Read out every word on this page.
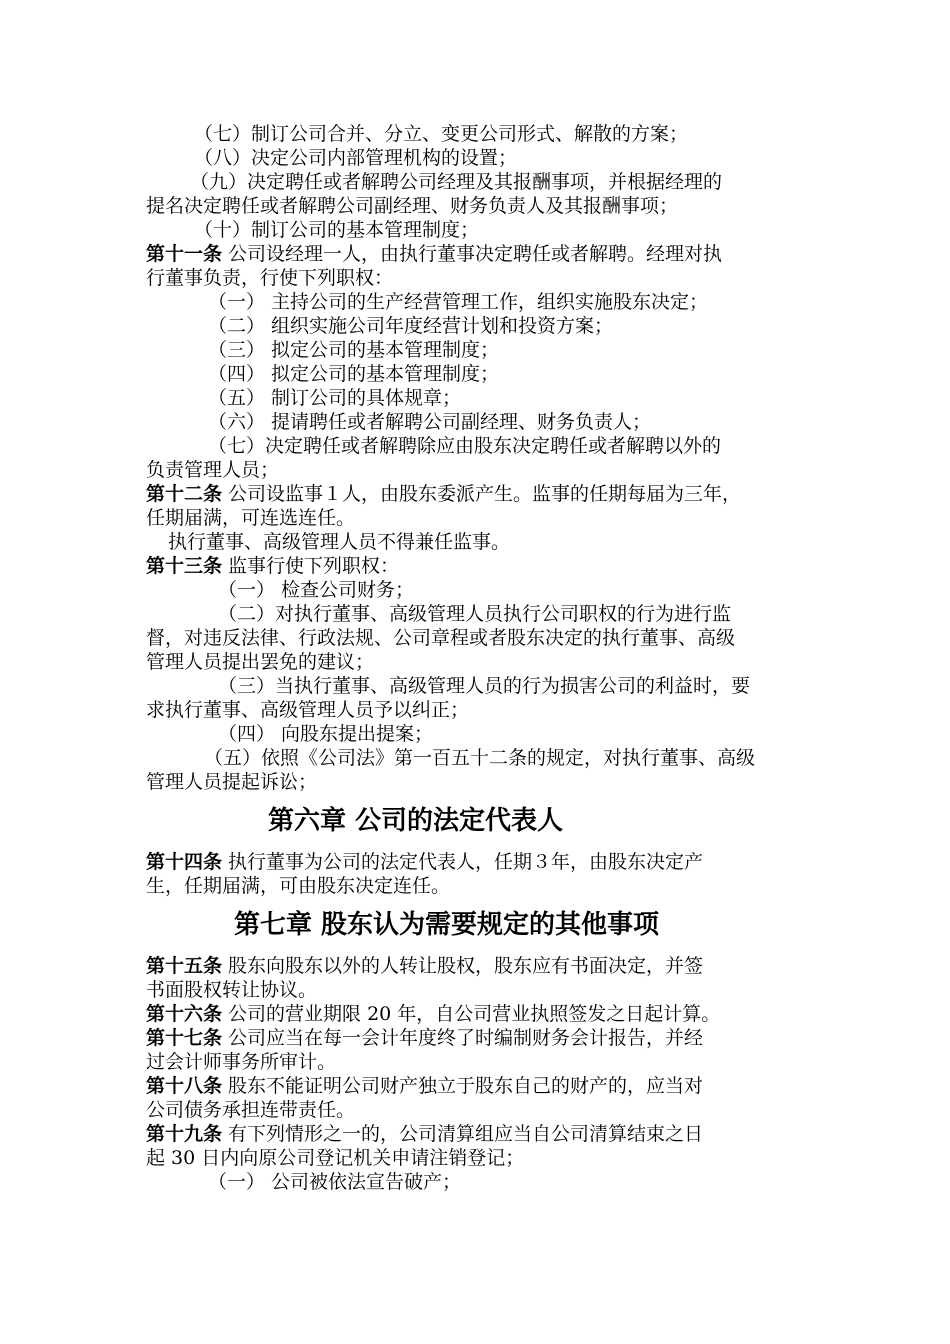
（七）制订公司合并、分立、变更公司形式、解散的方案；
（八）决定公司内部管理机构的设置；
（九）决定聘任或者解聘公司经理及其报酬事项，并根据经理的
提名决定聘任或者解聘公司副经理、财务负责人及其报酬事项；
（十）制订公司的基本管理制度；
第十一条 公司设经理一人，由执行董事决定聘任或者解聘。经理对执
行董事负责，行使下列职权：
（一） 主持公司的生产经营管理工作，组织实施股东决定；
（二） 组织实施公司年度经营计划和投资方案；
（三） 拟定公司的基本管理制度；
（四） 拟定公司的基本管理制度；
（五） 制订公司的具体规章；
（六） 提请聘任或者解聘公司副经理、财务负责人；
（七）决定聘任或者解聘除应由股东决定聘任或者解聘以外的
负责管理人员；
第十二条 公司设监事１人，由股东委派产生。监事的任期每届为三年，
任期届满，可连选连任。
执行董事、高级管理人员不得兼任监事。
第十三条 监事行使下列职权：
（一） 检查公司财务；
（二）对执行董事、高级管理人员执行公司职权的行为进行监
督，对违反法律、行政法规、公司章程或者股东决定的执行董事、高级
管理人员提出罢免的建议；
（三）当执行董事、高级管理人员的行为损害公司的利益时，要
求执行董事、高级管理人员予以纠正；
（四） 向股东提出提案；
（五）依照《公司法》第一百五十二条的规定，对执行董事、高级
管理人员提起诉讼；
第六章 公司的法定代表人
第十四条 执行董事为公司的法定代表人，任期３年，由股东决定产
生，任期届满，可由股东决定连任。
第七章 股东认为需要规定的其他事项
第十五条 股东向股东以外的人转让股权，股东应有书面决定，并签
书面股权转让协议。
第十六条 公司的营业期限 20 年，自公司营业执照签发之日起计算。
第十七条 公司应当在每一会计年度终了时编制财务会计报告，并经
过会计师事务所审计。
第十八条 股东不能证明公司财产独立于股东自己的财产的，应当对
公司债务承担连带责任。
第十九条 有下列情形之一的，公司清算组应当自公司清算结束之日
起 30 日内向原公司登记机关申请注销登记；
（一） 公司被依法宣告破产；
